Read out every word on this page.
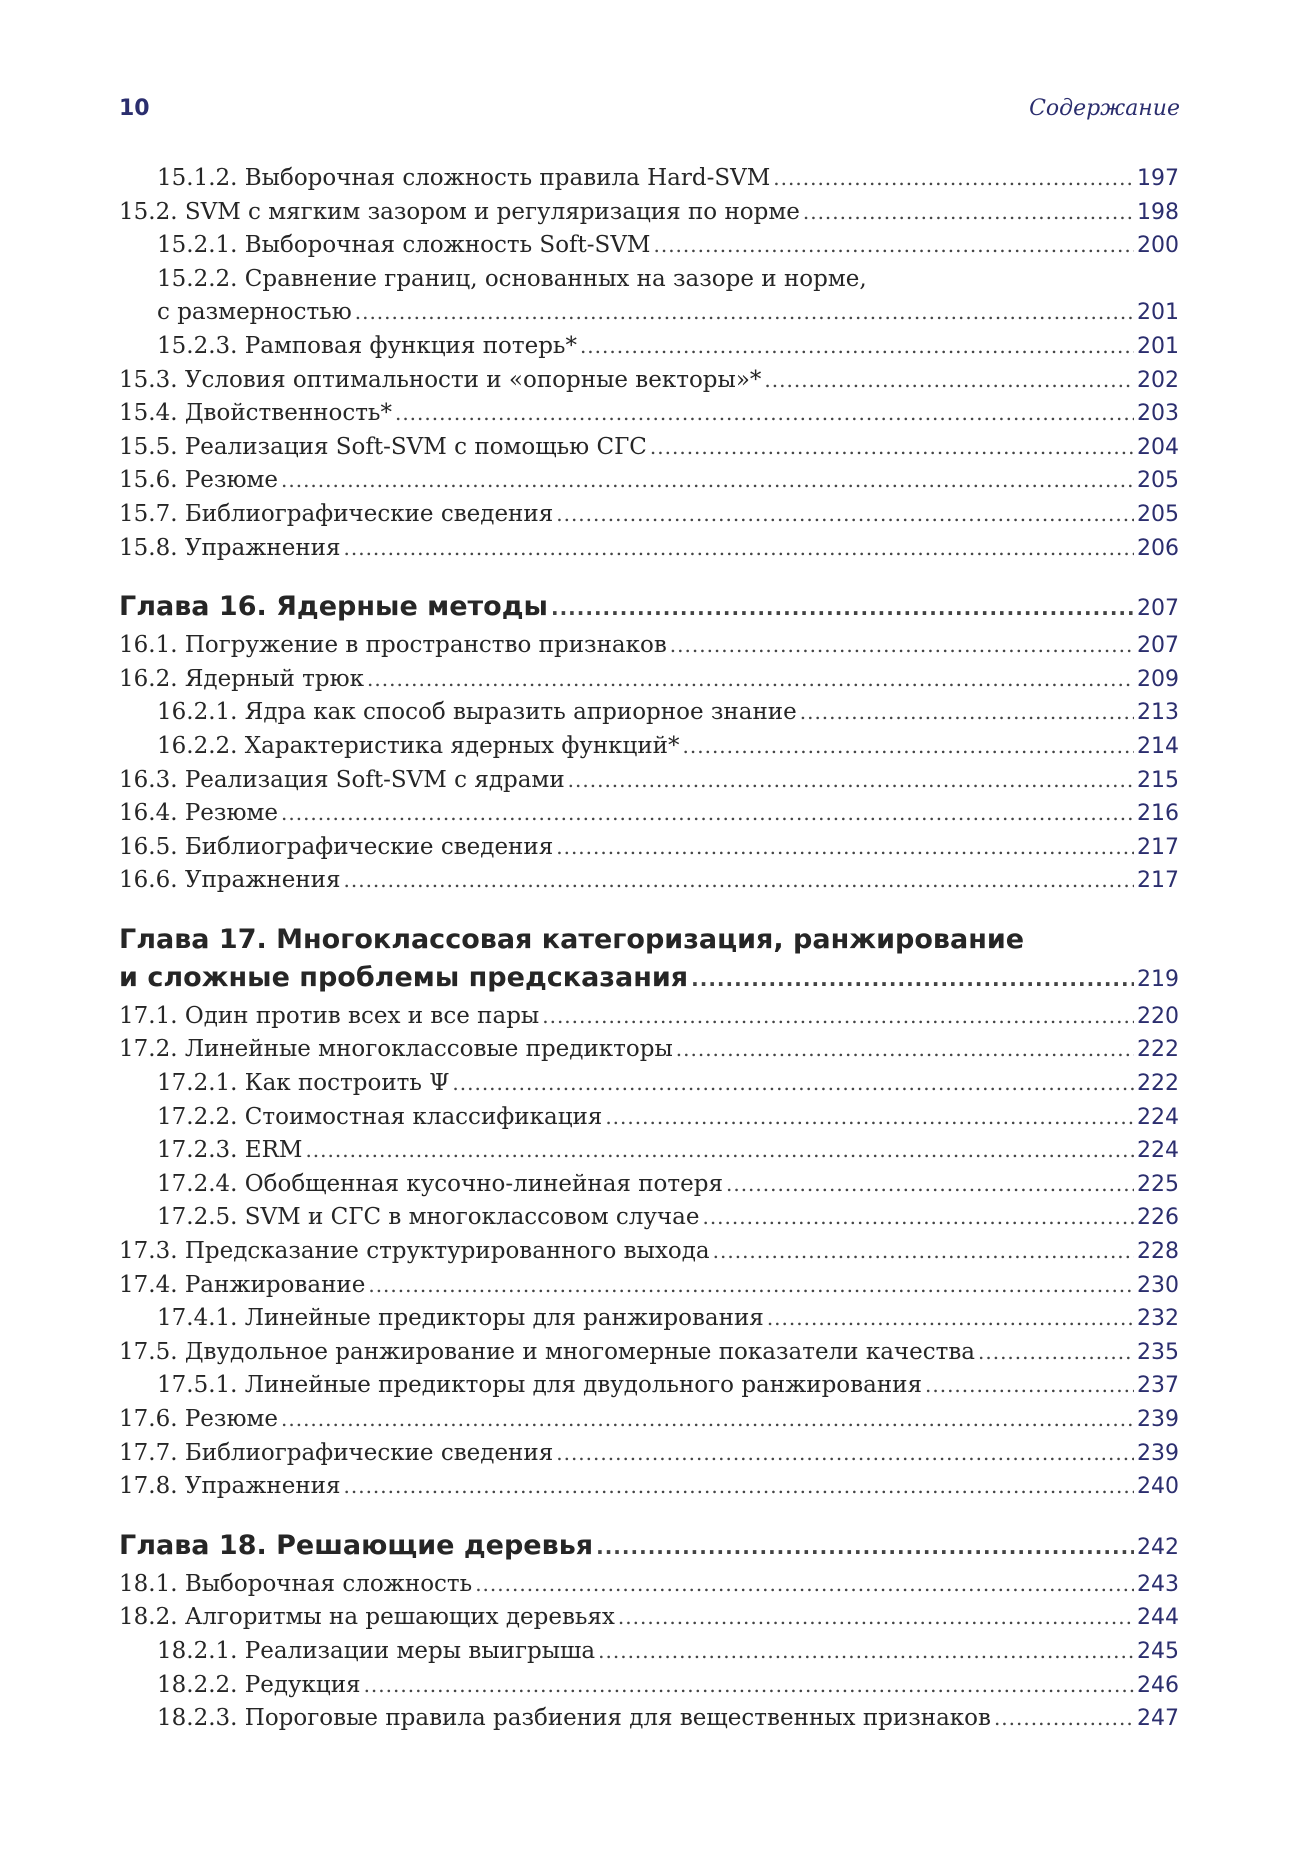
10	Содержание
15.1.2. Выборочная сложность правила Hard-SVM .....	197
15.2. SVM с мягким зазором и регуляризация по норме .....	198
15.2.1. Выборочная сложность Soft-SVM .....	200
15.2.2. Сравнение границ, основанных на зазоре и норме,
с размерностью .....	201
15.2.3. Рамповая функция потерь* .....	201
15.3. Условия оптимальности и «опорные векторы»* .....	202
15.4. Двойственность* .....	203
15.5. Реализация Soft-SVM с помощью СГС .....	204
15.6. Резюме .....	205
15.7. Библиографические сведения .....	205
15.8. Упражнения .....	206
Глава 16. Ядерные методы .....	207
16.1. Погружение в пространство признаков .....	207
16.2. Ядерный трюк .....	209
16.2.1. Ядра как способ выразить априорное знание .....	213
16.2.2. Характеристика ядерных функций* .....	214
16.3. Реализация Soft-SVM с ядрами .....	215
16.4. Резюме .....	216
16.5. Библиографические сведения .....	217
16.6. Упражнения .....	217
Глава 17. Многоклассовая категоризация, ранжирование
и сложные проблемы предсказания .....	219
17.1. Один против всех и все пары .....	220
17.2. Линейные многоклассовые предикторы .....	222
17.2.1. Как построить Ψ .....	222
17.2.2. Стоимостная классификация .....	224
17.2.3. ERM .....	224
17.2.4. Обобщенная кусочно-линейная потеря .....	225
17.2.5. SVM и СГС в многоклассовом случае .....	226
17.3. Предсказание структурированного выхода .....	228
17.4. Ранжирование .....	230
17.4.1. Линейные предикторы для ранжирования .....	232
17.5. Двудольное ранжирование и многомерные показатели качества .....	235
17.5.1. Линейные предикторы для двудольного ранжирования .....	237
17.6. Резюме .....	239
17.7. Библиографические сведения .....	239
17.8. Упражнения .....	240
Глава 18. Решающие деревья .....	242
18.1. Выборочная сложность .....	243
18.2. Алгоритмы на решающих деревьях .....	244
18.2.1. Реализации меры выигрыша .....	245
18.2.2. Редукция .....	246
18.2.3. Пороговые правила разбиения для вещественных признаков .....	247
